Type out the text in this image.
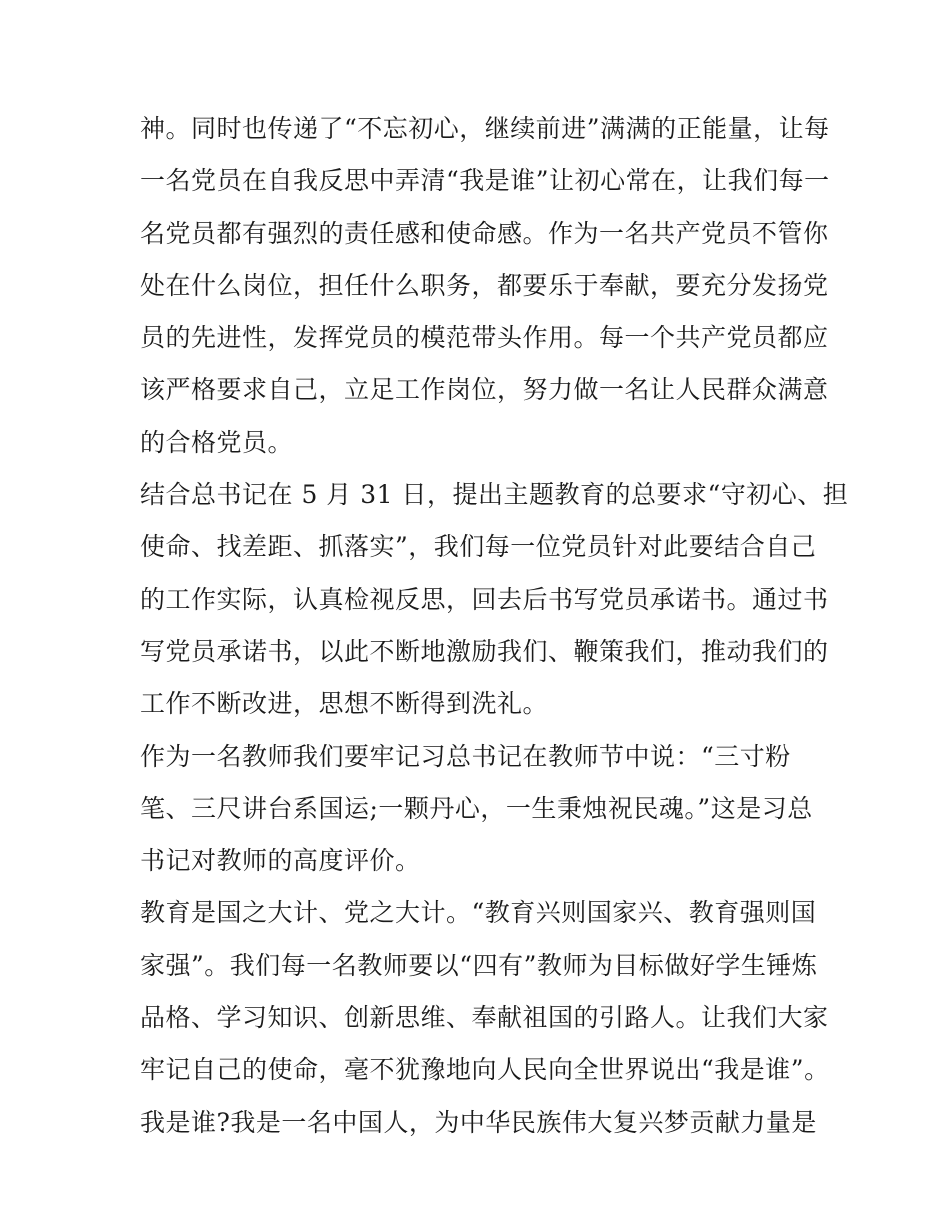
神。同时也传递了“不忘初心，继续前进”满满的正能量，让每
一名党员在自我反思中弄清“我是谁”让初心常在，让我们每一
名党员都有强烈的责任感和使命感。作为一名共产党员不管你
处在什么岗位，担任什么职务，都要乐于奉献，要充分发扬党
员的先进性，发挥党员的模范带头作用。每一个共产党员都应
该严格要求自己，立足工作岗位，努力做一名让人民群众满意
的合格党员。
结合总书记在 5 月 31 日，提出主题教育的总要求“守初心、担
使命、找差距、抓落实”，我们每一位党员针对此要结合自己
的工作实际，认真检视反思，回去后书写党员承诺书。通过书
写党员承诺书，以此不断地激励我们、鞭策我们，推动我们的
工作不断改进，思想不断得到洗礼。
作为一名教师我们要牢记习总书记在教师节中说：“三寸粉
笔、三尺讲台系国运;一颗丹心，一生秉烛祝民魂。”这是习总
书记对教师的高度评价。
教育是国之大计、党之大计。“教育兴则国家兴、教育强则国
家强”。我们每一名教师要以“四有”教师为目标做好学生锤炼
品格、学习知识、创新思维、奉献祖国的引路人。让我们大家
牢记自己的使命，毫不犹豫地向人民向全世界说出“我是谁”。
我是谁?我是一名中国人，为中华民族伟大复兴梦贡献力量是
